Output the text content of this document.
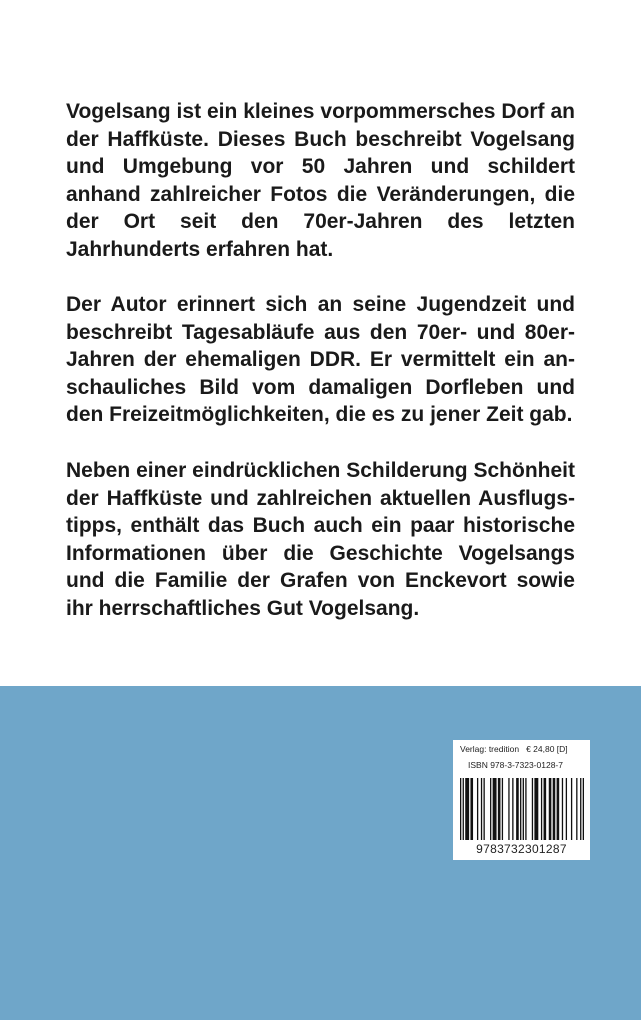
Vogelsang ist ein kleines vorpommersches Dorf an der Haffküste. Dieses Buch beschreibt Vogelsang und Umgebung vor 50 Jahren und schildert anhand zahlreicher Fotos die Veränderungen, die der Ort seit den 70er-Jahren des letzten Jahrhunderts erfahren hat.

Der Autor erinnert sich an seine Jugendzeit und beschreibt Tagesabläufe aus den 70er- und 80er-Jahren der ehemaligen DDR. Er vermittelt ein anschauliches Bild vom damaligen Dorfleben und den Freizeitmöglichkeiten, die es zu jener Zeit gab.

Neben einer eindrücklichen Schilderung Schönheit der Haffküste und zahlreichen aktuellen Ausflugstipps, enthält das Buch auch ein paar historische Informationen über die Geschichte Vogelsangs und die Familie der Grafen von Enckevort sowie ihr herrschaftliches Gut Vogelsang.

Verlag: tredition € 24,80 [D]
ISBN 978-3-7323-0128-7
9783732301287
